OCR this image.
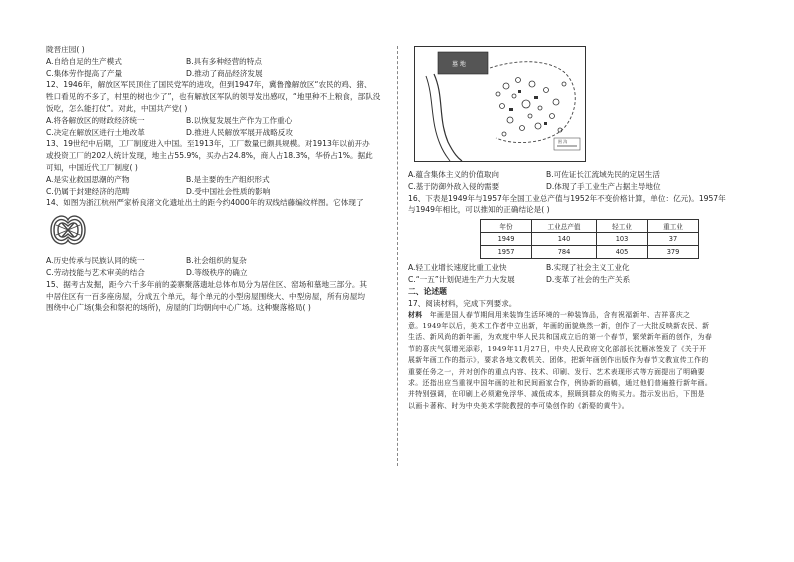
陇晋庄园( )
A.自给自足的生产模式	B.具有多种经营的特点
C.集体劳作提高了产量	D.推动了商品经济发展
12、1946年，解放区军民顶住了国民党军的进攻，但到1947年，冀鲁豫解放区“农民的鸡、猪、
牲口看见的不多了，村里的树也少了”，也有解放区军队的领导发出感叹，“地里种不上粮食，部队没
饭吃，怎么能打仗”。对此，中国共产党( )
A.将各解放区的财政经济统一	B.以恢复发展生产作为工作重心
C.决定在解放区进行土地改革	D.推进人民解放军展开战略反攻
13、19世纪中后期，工厂制度进入中国。至1913年，工厂数量已颇具规模。对1913年以前开办
或投资工厂的202人统计发现，地主占55.9%，买办占24.8%，商人占18.3%，华侨占1%。据此
可知，中国近代工厂制度( )
A.是实业救国思潮的产物	B.是主要的生产组织形式
C.仍属于封建经济的范畴	D.受中国社会性质的影响
14、如图为浙江杭州严家桥良渚文化遗址出土的距今约4000年的双线结藤编纹样图。它体现了
A.历史传承与民族认同的统一	B.社会组织的复杂
C.劳动技能与艺术审美的结合	D.等级秩序的确立
15、据考古发掘，距今六千多年前的姜寨聚落遗址总体布局分为居住区、窑场和墓地三部分。其
中居住区有一百多座房屋，分成五个单元，每个单元的小型房屋围绕大、中型房屋，所有房屋均
围绕中心广场(集会和祭祀的场所)，房屋的门均朝向中心广场。这种聚落格局( )
墓 地
围 沟
A.蕴含集体主义的价值取向	B.可佐证长江流域先民的定居生活
C.基于防御外敌入侵的需要	D.体现了手工业生产占据主导地位
16、下表是1949年与1957年全国工业总产值与1952年不变价格计算，单位：亿元)。1957年
与1949年相比，可以推知的正确结论是( )
年份	工业总产值	轻工业	重工业
1949	140	103	37
1957	784	405	379
A.轻工业增长速度比重工业快	B.实现了社会主义工业化
C.“一五”计划促进生产力大发展	D.变革了社会的生产关系
二、论述题
17、阅读材料，完成下列要求。
材料　年画是国人春节期间用来装饰生活环境的一种装饰品，含有祝福新年、吉祥喜庆之
意。1949年以后，美术工作者中立出新，年画的面貌焕然一新，创作了一大批反映新农民、新
生活、新风尚的新年画，为欢度中华人民共和国成立后的第一个春节，繁荣新年画的创作，为春
节的喜庆气氛增光添彩，1949年11月27日，中央人民政府文化部部长沈雁冰签发了《关于开
展新年画工作的指示》，要求各地文教机关、团体，把新年画创作出版作为春节文教宣传工作的
重要任务之一，并对创作的重点内容、技术、印刷、发行、艺术表现形式等方面提出了明确要
求。还指出应当重视中国年画的社和民间画家合作，例协新的画稿，通过他们普遍推行新年画。
并特别强调，在印刷上必须避免浮华、减低成本，照顾到群众的购买力。指示发出后，下图是
以画卡著称、时为中央美术学院教授的李可染创作的《新娶的黄牛》。
